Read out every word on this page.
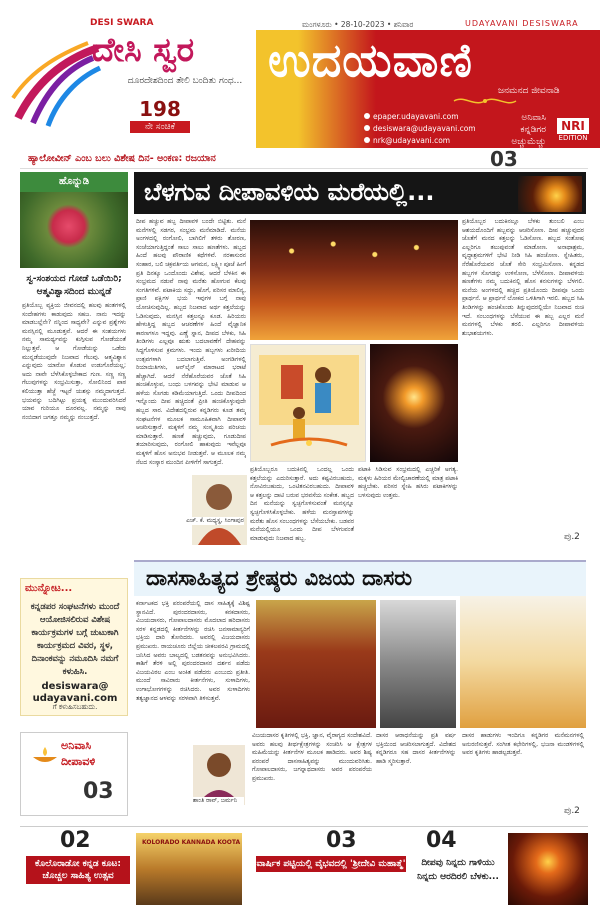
DESI SWARA
ದೇಸಿ ಸ್ವರ
ದೂರದೇಶದಿಂದ ತೇಲಿ ಬಂದಿತು ಗಂಧ...
198
ನೇ ಸಂಚಿಕೆ
ಮಂಗಳೂರು • 28-10-2023 • ಶನಿವಾರ	UDAYAVANI DESISWARA
ಉದಯವಾಣಿ
ಜನಮನದ ಜೀವನಾಡಿ
epaper.udayavani.com
desiswara@udayavani.com
nrk@udayavani.com
ಅನಿವಾಸಿ
ಕನ್ನಡಿಗರ ಅಚ್ಚುಮೆಚ್ಚು
NRI
EDITION
ಹ್ಯಾಲೋವೀನ್ ಎಂಬ ಬಲು ವಿಶೇಷ ದಿನ- ಅಂಕಣ: ರಜಯಾನ	03
ಹೊನ್ನುಡಿ
ಸ್ವ-ಸಂಶಯದ ಗೋಡೆ ಒಡೆಯಿರಿ; ಆತ್ಮವಿಶ್ವಾಸದಿಂದ ಮುನ್ನಡೆ
ಪ್ರತಿಯೊಬ್ಬ ವ್ಯಕ್ತಿಯ ಜೀವನದಲ್ಲಿ ಹಲವು ಹಂತಗಳಲ್ಲಿ ಸಂದೇಹಗಳು ಕಾಡುವುದು ಸಹಜ. ನಾನು ಇದನ್ನು ಮಾಡಬಲ್ಲೆನೇ? ನನ್ನಿಂದ ಸಾಧ್ಯವೇ? ಎನ್ನುವ ಪ್ರಶ್ನೆಗಳು ಮನಸ್ಸಿನಲ್ಲಿ ಮೂಡುತ್ತವೆ. ಆದರೆ ಈ ಸಂಶಯಗಳು ನಮ್ಮ ಸಾಮರ್ಥ್ಯವನ್ನು ಕುಗ್ಗಿಸುವ ಗೋಡೆಯಂತೆ ನಿಲ್ಲುತ್ತವೆ. ಆ ಗೋಡೆಯನ್ನು ಒಡೆದು ಮುನ್ನಡೆಯುವುದೇ ನಿಜವಾದ ಗೆಲುವು. ಆತ್ಮವಿಶ್ವಾಸ ಎನ್ನುವುದು ಯಾರೋ ಕೊಡುವ ಉಡುಗೊರೆಯಲ್ಲ; ಅದು ನಾವೇ ಬೆಳೆಸಿಕೊಳ್ಳಬೇಕಾದ ಗುಣ. ಸಣ್ಣ ಸಣ್ಣ ಗೆಲುವುಗಳನ್ನು ಸಂಭ್ರಮಿಸುತ್ತಾ, ಸೋಲಿನಿಂದ ಪಾಠ ಕಲಿಯುತ್ತಾ ಹೆಜ್ಜೆ ಇಟ್ಟರೆ ಯಶಸ್ಸು ನಮ್ಮದಾಗುತ್ತದೆ. ಭಯವನ್ನು ಬದಿಗಿಟ್ಟು ಪ್ರಯತ್ನ ಮುಂದುವರಿಸಿದರೆ ಯಾವ ಗುರಿಯೂ ದೂರವಲ್ಲ. ನಮ್ಮನ್ನು ನಾವು ನಂಬಿದಾಗ ಜಗತ್ತೂ ನಮ್ಮನ್ನು ನಂಬುತ್ತದೆ.
ಮುನ್ನೋಟ...
ಕನ್ನಡಪರ ಸಂಘಟನೆಗಳು ಮುಂದೆ ಆಯೋಜಿಸಲಿರುವ ವಿಶೇಷ ಕಾರ್ಯಕ್ರಮಗಳ ಬಗ್ಗೆ ಚುಟುಕಾಗಿ ಕಾರ್ಯಕ್ರಮದ ವಿವರ, ಸ್ಥಳ, ದಿನಾಂಕವನ್ನು ನಮೂದಿಸಿ ನಮಗೆ ಕಳುಹಿಸಿ.
desiswara@ udayavani.com
ಗೆ ಕಳುಹಿಸಬಹುದು.
ಅನಿವಾಸಿ
ದೀಪಾವಳಿ
03
ಬೆಳಗುವ ದೀಪಾವಳಿಯ ಮರೆಯಲ್ಲಿ...
ದೀಪ ಹಚ್ಚುವ ಹಬ್ಬ ದೀಪಾವಳಿ ಬಂದೇ ಬಿಟ್ಟಿತು. ಮನೆ ಮನೆಗಳಲ್ಲಿ ಸಡಗರ, ಸಂಭ್ರಮ ಮನೆಮಾಡಿದೆ. ಮನೆಯ ಅಂಗಳದಲ್ಲಿ ರಂಗೋಲಿ, ಬಾಗಿಲಿಗೆ ತಳಿರು ತೋರಣ, ಸಂಜೆಯಾಗುತ್ತಿದ್ದಂತೆ ಸಾಲು ಸಾಲು ಹಣತೆಗಳು. ಹಬ್ಬದ ಹಿಂದೆ ಹಲವು ಪೌರಾಣಿಕ ಕಥೆಗಳಿವೆ. ನರಕಾಸುರನ ಸಂಹಾರ, ಬಲಿ ಚಕ್ರವರ್ತಿಯ ಆಗಮನ, ಲಕ್ಷ್ಮೀ ಪೂಜೆ ಹೀಗೆ ಪ್ರತಿ ದಿನಕ್ಕೂ ಒಂದೊಂದು ವಿಶೇಷ. ಆದರೆ ಬೆಳಕಿನ ಈ ಸಂಭ್ರಮದ ನಡುವೆ ನಾವು ಮರೆತು ಹೋಗುವ ಕೆಲವು ಸಂಗತಿಗಳಿವೆ. ಪಟಾಕಿಯ ಸದ್ದು, ಹೊಗೆ, ಪರಿಸರ ಮಾಲಿನ್ಯ, ಪ್ರಾಣಿ ಪಕ್ಷಿಗಳ ಭಯ ಇವುಗಳ ಬಗ್ಗೆ ನಾವು ಯೋಚಿಸುವುದಿಲ್ಲ. ಹಬ್ಬದ ನಿಜವಾದ ಅರ್ಥ ಕತ್ತಲೆಯನ್ನು ಓಡಿಸುವುದು, ಮನಸ್ಸಿನ ಕತ್ತಲನ್ನೂ ಕೂಡ. ಹಿರಿಯರು ಹೇಳುತ್ತಿದ್ದ ಹಬ್ಬದ ಆಚರಣೆಗಳ ಹಿಂದೆ ವೈಜ್ಞಾನಿಕ ಕಾರಣಗಳೂ ಇದ್ದವು. ಎಣ್ಣೆ ಸ್ನಾನ, ದೀಪದ ಬೆಳಕು, ಸಿಹಿ ತಿಂಡಿಗಳು ಎಲ್ಲವೂ ಋತು ಬದಲಾವಣೆಗೆ ದೇಹವನ್ನು ಸಿದ್ಧಗೊಳಿಸುವ ಕ್ರಮಗಳು. ಇಂದು ಹಬ್ಬಗಳು ಖರೀದಿಯ ಉತ್ಸವಗಳಾಗಿ ಬದಲಾಗುತ್ತಿವೆ. ಅಂಗಡಿಗಳಲ್ಲಿ ರಿಯಾಯಿತಿಗಳು, ಆನ್‌ಲೈನ್ ಮಾರಾಟದ ಭರಾಟೆ ಹೆಚ್ಚಾಗಿದೆ. ಆದರೆ ನೆರೆಹೊರೆಯವರ ಜೊತೆ ಸಿಹಿ ಹಂಚಿಕೊಳ್ಳುವ, ಬಂಧು ಬಳಗವನ್ನು ಭೇಟಿ ಮಾಡುವ ಆ ಹಳೆಯ ಸೊಗಡು ಕಡಿಮೆಯಾಗುತ್ತಿದೆ. ಒಂದು ದೀಪದಿಂದ ಇನ್ನೊಂದು ದೀಪ ಹಚ್ಚಿದಂತೆ ಪ್ರೀತಿ ಹಂಚಿಕೊಳ್ಳುವುದೇ ಹಬ್ಬದ ಸಾರ. ವಿದೇಶದಲ್ಲಿರುವ ಕನ್ನಡಿಗರು ಕೂಡ ತಮ್ಮ ಸಂಘಟನೆಗಳ ಮೂಲಕ ಸಾಮೂಹಿಕವಾಗಿ ದೀಪಾವಳಿ ಆಚರಿಸುತ್ತಾರೆ. ಮಕ್ಕಳಿಗೆ ನಮ್ಮ ಸಂಸ್ಕೃತಿಯ ಪರಿಚಯ ಮಾಡಿಸುತ್ತಾರೆ. ಹಣತೆ ಹಚ್ಚುವುದು, ಗೂಡುದೀಪ ತಯಾರಿಸುವುದು, ರಂಗೋಲಿ ಹಾಕುವುದು ಇವೆಲ್ಲವೂ ಮಕ್ಕಳಿಗೆ ಹೊಸ ಅನುಭವ ನೀಡುತ್ತವೆ. ಆ ಮೂಲಕ ನಮ್ಮ ನೆಲದ ಸಂಸ್ಕಾರ ಮುಂದಿನ ಪೀಳಿಗೆಗೆ ಸಾಗುತ್ತದೆ.
ಪ್ರತಿಯೊಬ್ಬರ ಬದುಕಿನಲ್ಲೂ ಬೆಳಕು ತುಂಬಲಿ ಎಂಬ ಆಶಯದೊಂದಿಗೆ ಹಬ್ಬವನ್ನು ಆಚರಿಸೋಣ. ದೀಪ ಹಚ್ಚುವುದರ ಜೊತೆಗೆ ಮನದ ಕತ್ತಲನ್ನು ಓಡಿಸೋಣ. ಹಬ್ಬದ ಸಂತೋಷ ಎಲ್ಲರಿಗೂ ತಲುಪುವಂತೆ ಮಾಡೋಣ. ಅನಾಥಾಶ್ರಮ, ವೃದ್ಧಾಶ್ರಮಗಳಿಗೆ ಭೇಟಿ ನೀಡಿ ಸಿಹಿ ಹಂಚೋಣ. ಸ್ನೇಹಿತರು, ನೆರೆಹೊರೆಯವರ ಜೊತೆ ಸೇರಿ ಸಂಭ್ರಮಿಸೋಣ. ಕನ್ನಡದ ಹಬ್ಬಗಳ ಸೊಗಡನ್ನು ಉಳಿಸೋಣ, ಬೆಳೆಸೋಣ. ದೀಪಾವಳಿಯ ಹಣತೆಗಳು ನಮ್ಮ ಬದುಕಿನಲ್ಲಿ ಹೊಸ ಕನಸುಗಳನ್ನು ಬೆಳಗಲಿ. ಮನೆಯ ಅಂಗಳದಲ್ಲಿ ಹಚ್ಚಿದ ಪ್ರತಿಯೊಂದು ದೀಪವೂ ಒಂದು ಪ್ರಾರ್ಥನೆ. ಆ ಪ್ರಾರ್ಥನೆ ಲೋಕದ ಒಳಿತಿಗಾಗಿ ಇರಲಿ. ಹಬ್ಬದ ಸಿಹಿ ತಿಂಡಿಗಳನ್ನು ಹಂಚಿಕೊಂಡು ತಿನ್ನುವುದರಲ್ಲಿಯೇ ನಿಜವಾದ ರುಚಿ ಇದೆ. ಸಂಬಂಧಗಳನ್ನು ಬೆಸೆಯುವ ಈ ಹಬ್ಬ ಎಲ್ಲರ ಮನೆ ಮನಗಳಲ್ಲಿ ಬೆಳಕು ತರಲಿ. ಎಲ್ಲರಿಗೂ ದೀಪಾವಳಿಯ ಶುಭಾಶಯಗಳು.
ಪ್ರತಿಯೊಬ್ಬರೂ ಬದುಕಿನಲ್ಲಿ ಒಂದಲ್ಲ ಒಂದು ಕತ್ತಲೆಯನ್ನು ಎದುರಿಸುತ್ತಾರೆ. ಅದು ಕಷ್ಟವಿರಬಹುದು, ನೋವಿರಬಹುದು, ಒಂಟಿತನವಿರಬಹುದು. ದೀಪಾವಳಿ ಆ ಕತ್ತಲನ್ನು ದಾಟಿ ಬರುವ ಭರವಸೆಯ ಸಂಕೇತ. ಹಬ್ಬದ ದಿನ ಮನೆಯನ್ನು ಸ್ವಚ್ಛಗೊಳಿಸುವಂತೆ ಮನಸ್ಸನ್ನೂ ಸ್ವಚ್ಛಗೊಳಿಸಿಕೊಳ್ಳಬೇಕು. ಹಳೆಯ ಮನಸ್ತಾಪಗಳನ್ನು ಮರೆತು ಹೊಸ ಸಂಬಂಧಗಳನ್ನು ಬೆಸೆಯಬೇಕು. ಬಡವರ ಮನೆಯಲ್ಲಿಯೂ ಒಂದು ದೀಪ ಬೆಳಗುವಂತೆ ಮಾಡುವುದು ನಿಜವಾದ ಹಬ್ಬ.
ಪಟಾಕಿ ಸಿಡಿಸುವ ಸಂಭ್ರಮದಲ್ಲಿ ಎಚ್ಚರಿಕೆ ಅಗತ್ಯ. ಮಕ್ಕಳು ಹಿರಿಯರ ಮೇಲ್ವಿಚಾರಣೆಯಲ್ಲಿ ಮಾತ್ರ ಪಟಾಕಿ ಹಚ್ಚಬೇಕು. ಪರಿಸರ ಸ್ನೇಹಿ ಹಸಿರು ಪಟಾಕಿಗಳನ್ನು ಬಳಸುವುದು ಉತ್ತಮ.
ಎಚ್. ಕೆ. ಮಧ್ಯಸ್ಥ, ಸಿಂಗಾಪುರ
ಪು.2
ದಾಸಸಾಹಿತ್ಯದ ಶ್ರೇಷ್ಠರು ವಿಜಯ ದಾಸರು
ಕರ್ನಾಟಕದ ಭಕ್ತಿ ಪರಂಪರೆಯಲ್ಲಿ ದಾಸ ಸಾಹಿತ್ಯಕ್ಕೆ ವಿಶಿಷ್ಟ ಸ್ಥಾನವಿದೆ. ಪುರಂದರದಾಸರು, ಕನಕದಾಸರು, ವಿಜಯದಾಸರು, ಗೋಪಾಲದಾಸರು ಮೊದಲಾದ ಹರಿದಾಸರು ಸರಳ ಕನ್ನಡದಲ್ಲಿ ಕೀರ್ತನೆಗಳನ್ನು ರಚಿಸಿ ಜನಸಾಮಾನ್ಯರಿಗೆ ಭಕ್ತಿಯ ದಾರಿ ತೋರಿದರು. ಅವರಲ್ಲಿ ವಿಜಯದಾಸರು ಪ್ರಮುಖರು. ರಾಯಚೂರು ಜಿಲ್ಲೆಯ ಚೀಕಲಪರವಿ ಗ್ರಾಮದಲ್ಲಿ ಜನಿಸಿದ ಅವರು ಬಾಲ್ಯದಲ್ಲಿ ಬಡತನವನ್ನು ಅನುಭವಿಸಿದರು. ಕಾಶಿಗೆ ತೆರಳಿ ಅಲ್ಲಿ ಪುರಂದರದಾಸರ ದರ್ಶನ ಪಡೆದು ವಿಜಯವಿಠಲ ಎಂಬ ಅಂಕಿತ ಪಡೆದರು ಎಂಬುದು ಪ್ರತೀತಿ. ಮುಂದೆ ಸಾವಿರಾರು ಕೀರ್ತನೆಗಳು, ಸುಳಾದಿಗಳು, ಉಗಾಭೋಗಗಳನ್ನು ರಚಿಸಿದರು. ಅವರ ಸುಳಾದಿಗಳು ತತ್ವಜ್ಞಾನದ ಆಳವನ್ನು ಸರಳವಾಗಿ ತಿಳಿಸುತ್ತವೆ.
ವಿಜಯದಾಸರ ಕೃತಿಗಳಲ್ಲಿ ಭಕ್ತಿ, ಜ್ಞಾನ, ವೈರಾಗ್ಯದ ಸಂದೇಶವಿದೆ. ಅವರು ಹಲವು ತೀರ್ಥಕ್ಷೇತ್ರಗಳನ್ನು ಸಂಚರಿಸಿ ಆ ಕ್ಷೇತ್ರಗಳ ಮಹಿಮೆಯನ್ನು ಕೀರ್ತನೆಗಳ ಮೂಲಕ ಹಾಡಿದರು. ಅವರ ಶಿಷ್ಯ ಪರಂಪರೆ ದಾಸಸಾಹಿತ್ಯವನ್ನು ಮುಂದುವರಿಸಿತು. ಗೋಪಾಲದಾಸರು, ಜಗನ್ನಾಥದಾಸರು ಅವರ ಪರಂಪರೆಯ ಪ್ರಮುಖರು.
ದಾಸರ ಆರಾಧನೆಯನ್ನು ಪ್ರತಿ ವರ್ಷ ಭಕ್ತಿಯಿಂದ ಆಚರಿಸಲಾಗುತ್ತದೆ. ವಿದೇಶದ ಕನ್ನಡಿಗರೂ ಸಹ ದಾಸರ ಕೀರ್ತನೆಗಳನ್ನು ಹಾಡಿ ಸ್ಮರಿಸುತ್ತಾರೆ.
ದಾಸರ ಹಾಡುಗಳು ಇಂದಿಗೂ ಕನ್ನಡಿಗರ ಮನೆಮನಗಳಲ್ಲಿ ಅನುರಣಿಸುತ್ತವೆ. ಸಂಗೀತ ಕಛೇರಿಗಳಲ್ಲಿ, ಭಜನಾ ಮಂಡಳಿಗಳಲ್ಲಿ ಅವರ ಕೃತಿಗಳು ಹಾಡಲ್ಪಡುತ್ತವೆ.
ಶಾಂತಿ ರಾವ್, ಜರ್ಮನಿ
ಪು.2
02
ಕೊಲೊರಾಡೋ ಕನ್ನಡ ಕೂಟ: ಚೊಚ್ಚಲ ಸಾಹಿತ್ಯ ಉತ್ಸವ
KOLORADO KANNADA KOOTA	03
ವಾರ್ಷಿಕ ಪಟ್ಟಿಯಲ್ಲಿ ವೈಭವದಲ್ಲಿ 'ಶ್ರೀದೇವಿ ಮಹಾತ್ಮೆ'
04
ದೀಪವು ನಿನ್ನದು ಗಾಳಿಯು ನಿನ್ನದು ಆರದಿರಲಿ ಬೆಳಕು...
